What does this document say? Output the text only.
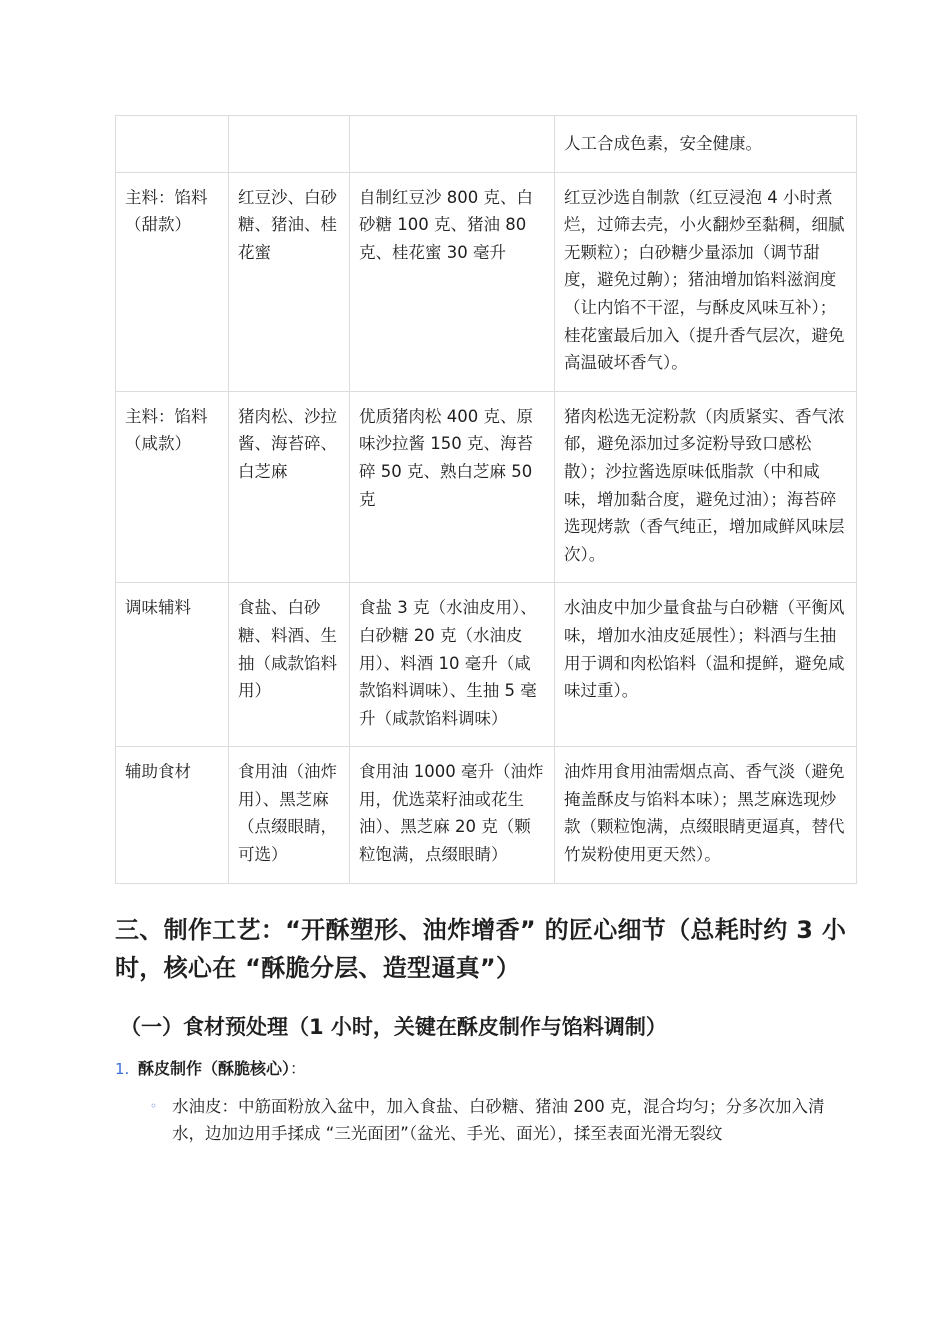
			人工合成色素，安全健康。
主料：馅料（甜款）	红豆沙、白砂糖、猪油、桂花蜜	自制红豆沙 800 克、白砂糖 100 克、猪油 80 克、桂花蜜 30 毫升	红豆沙选自制款（红豆浸泡 4 小时煮烂，过筛去壳，小火翻炒至黏稠，细腻无颗粒）；白砂糖少量添加（调节甜度，避免过齁）；猪油增加馅料滋润度（让内馅不干涩，与酥皮风味互补）；桂花蜜最后加入（提升香气层次，避免高温破坏香气）。
主料：馅料（咸款）	猪肉松、沙拉酱、海苔碎、白芝麻	优质猪肉松 400 克、原味沙拉酱 150 克、海苔碎 50 克、熟白芝麻 50 克	猪肉松选无淀粉款（肉质紧实、香气浓郁，避免添加过多淀粉导致口感松散）；沙拉酱选原味低脂款（中和咸味，增加黏合度，避免过油）；海苔碎选现烤款（香气纯正，增加咸鲜风味层次）。
调味辅料	食盐、白砂糖、料酒、生抽（咸款馅料用）	食盐 3 克（水油皮用）、白砂糖 20 克（水油皮用）、料酒 10 毫升（咸款馅料调味）、生抽 5 毫升（咸款馅料调味）	水油皮中加少量食盐与白砂糖（平衡风味，增加水油皮延展性）；料酒与生抽用于调和肉松馅料（温和提鲜，避免咸味过重）。
辅助食材	食用油（油炸用）、黑芝麻（点缀眼睛，可选）	食用油 1000 毫升（油炸用，优选菜籽油或花生油）、黑芝麻 20 克（颗粒饱满，点缀眼睛）	油炸用食用油需烟点高、香气淡（避免掩盖酥皮与馅料本味）；黑芝麻选现炒款（颗粒饱满，点缀眼睛更逼真，替代竹炭粉使用更天然）。
三、制作工艺：“开酥塑形、油炸增香” 的匠心细节（总耗时约 3 小时，核心在 “酥脆分层、造型逼真”）
（一）食材预处理（1 小时，关键在酥皮制作与馅料调制）
1. 酥皮制作（酥脆核心）：
◦ 水油皮：中筋面粉放入盆中，加入食盐、白砂糖、猪油 200 克，混合均匀；分多次加入清水，边加边用手揉成 “三光面团”（盆光、手光、面光），揉至表面光滑无裂纹
